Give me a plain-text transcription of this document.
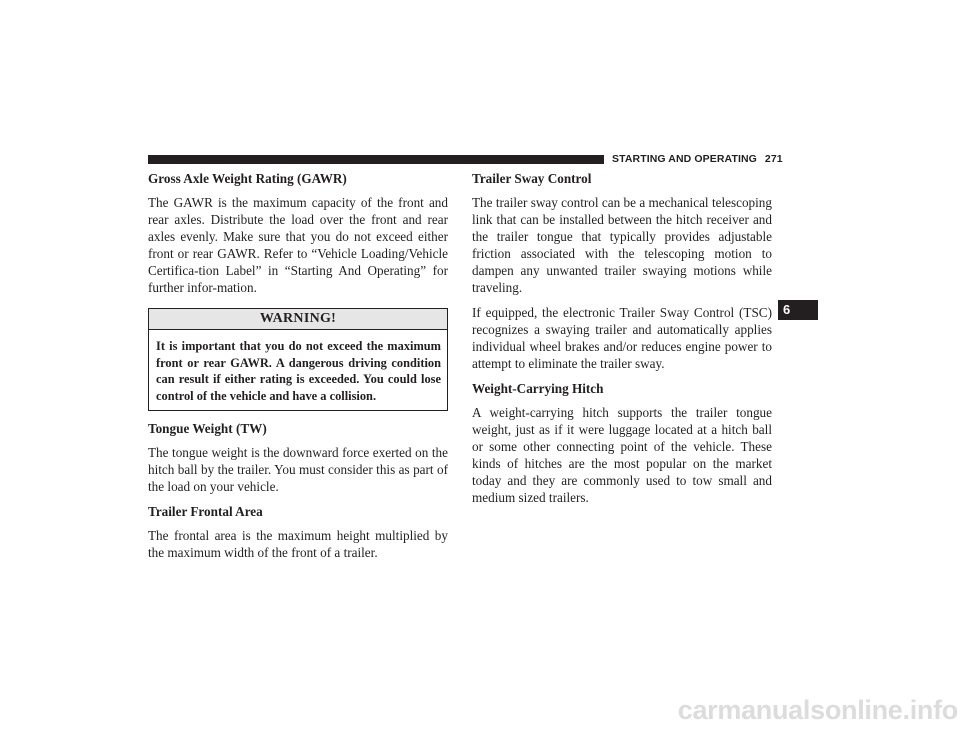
STARTING AND OPERATING 271
6
Gross Axle Weight Rating (GAWR)

The GAWR is the maximum capacity of the front and rear axles. Distribute the load over the front and rear axles evenly. Make sure that you do not exceed either front or rear GAWR. Refer to “Vehicle Loading/Vehicle Certifica-tion Label” in “Starting And Operating” for further infor-mation.

WARNING!

It is important that you do not exceed the maximum front or rear GAWR. A dangerous driving condition can result if either rating is exceeded. You could lose control of the vehicle and have a collision.

Tongue Weight (TW)

The tongue weight is the downward force exerted on the hitch ball by the trailer. You must consider this as part of the load on your vehicle.

Trailer Frontal Area

The frontal area is the maximum height multiplied by the maximum width of the front of a trailer.

Trailer Sway Control

The trailer sway control can be a mechanical telescoping link that can be installed between the hitch receiver and the trailer tongue that typically provides adjustable friction associated with the telescoping motion to dampen any unwanted trailer swaying motions while traveling.

If equipped, the electronic Trailer Sway Control (TSC) recognizes a swaying trailer and automatically applies individual wheel brakes and/or reduces engine power to attempt to eliminate the trailer sway.

Weight-Carrying Hitch

A weight-carrying hitch supports the trailer tongue weight, just as if it were luggage located at a hitch ball or some other connecting point of the vehicle. These kinds of hitches are the most popular on the market today and they are commonly used to tow small and medium sized trailers.

carmanualsonline.info
